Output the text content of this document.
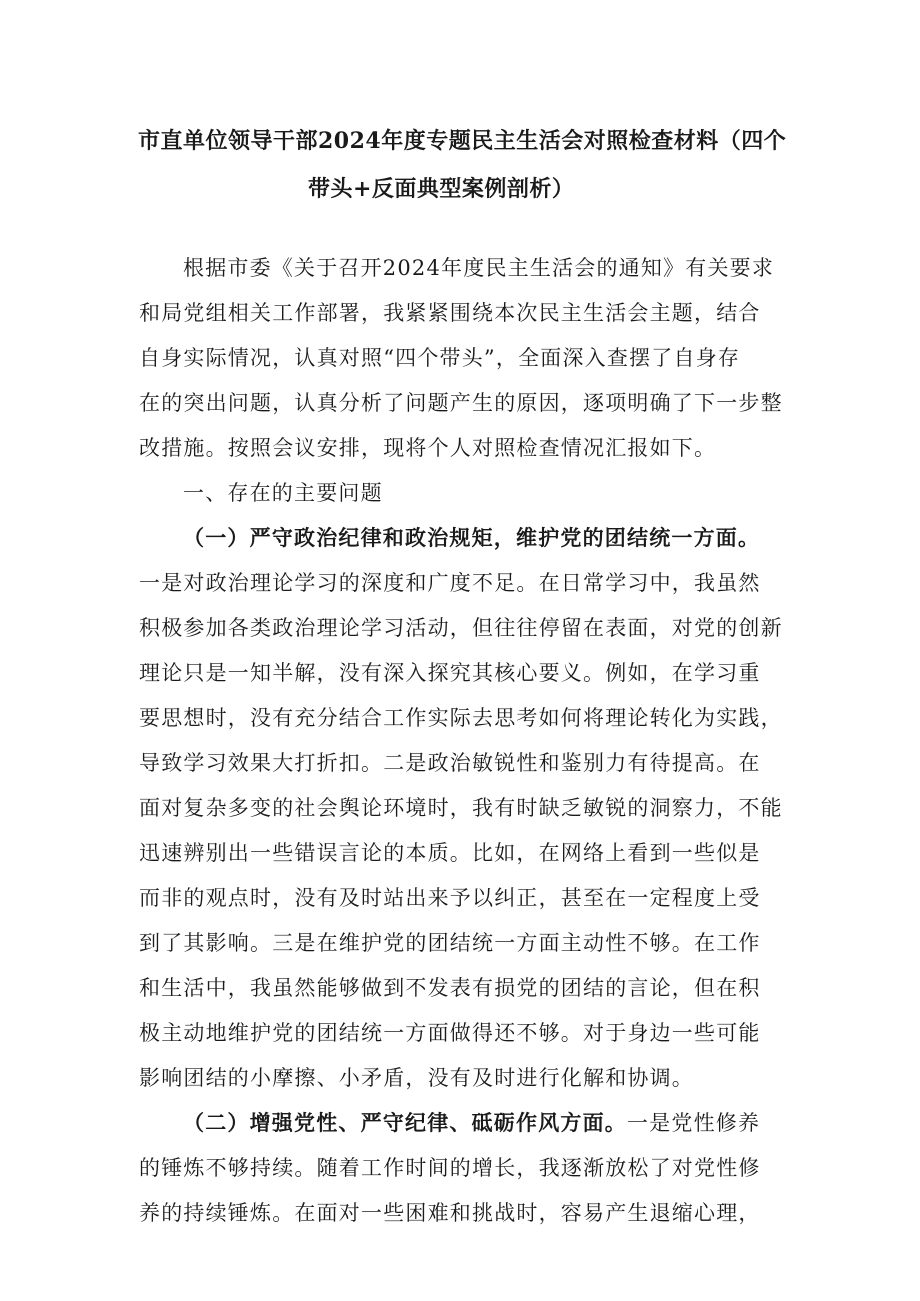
市直单位领导干部2024年度专题民主生活会对照检查材料（四个
带头+反面典型案例剖析）
根据市委《关于召开2024年度民主生活会的通知》有关要求
和局党组相关工作部署，我紧紧围绕本次民主生活会主题，结合
自身实际情况，认真对照“四个带头”，全面深入查摆了自身存
在的突出问题，认真分析了问题产生的原因，逐项明确了下一步整
改措施。按照会议安排，现将个人对照检查情况汇报如下。
一、存在的主要问题
（一）严守政治纪律和政治规矩，维护党的团结统一方面。
一是对政治理论学习的深度和广度不足。在日常学习中，我虽然
积极参加各类政治理论学习活动，但往往停留在表面，对党的创新
理论只是一知半解，没有深入探究其核心要义。例如，在学习重
要思想时，没有充分结合工作实际去思考如何将理论转化为实践，
导致学习效果大打折扣。二是政治敏锐性和鉴别力有待提高。在
面对复杂多变的社会舆论环境时，我有时缺乏敏锐的洞察力，不能
迅速辨别出一些错误言论的本质。比如，在网络上看到一些似是
而非的观点时，没有及时站出来予以纠正，甚至在一定程度上受
到了其影响。三是在维护党的团结统一方面主动性不够。在工作
和生活中，我虽然能够做到不发表有损党的团结的言论，但在积
极主动地维护党的团结统一方面做得还不够。对于身边一些可能
影响团结的小摩擦、小矛盾，没有及时进行化解和协调。
（二）增强党性、严守纪律、砥砺作风方面。一是党性修养
的锤炼不够持续。随着工作时间的增长，我逐渐放松了对党性修
养的持续锤炼。在面对一些困难和挑战时，容易产生退缩心理，
